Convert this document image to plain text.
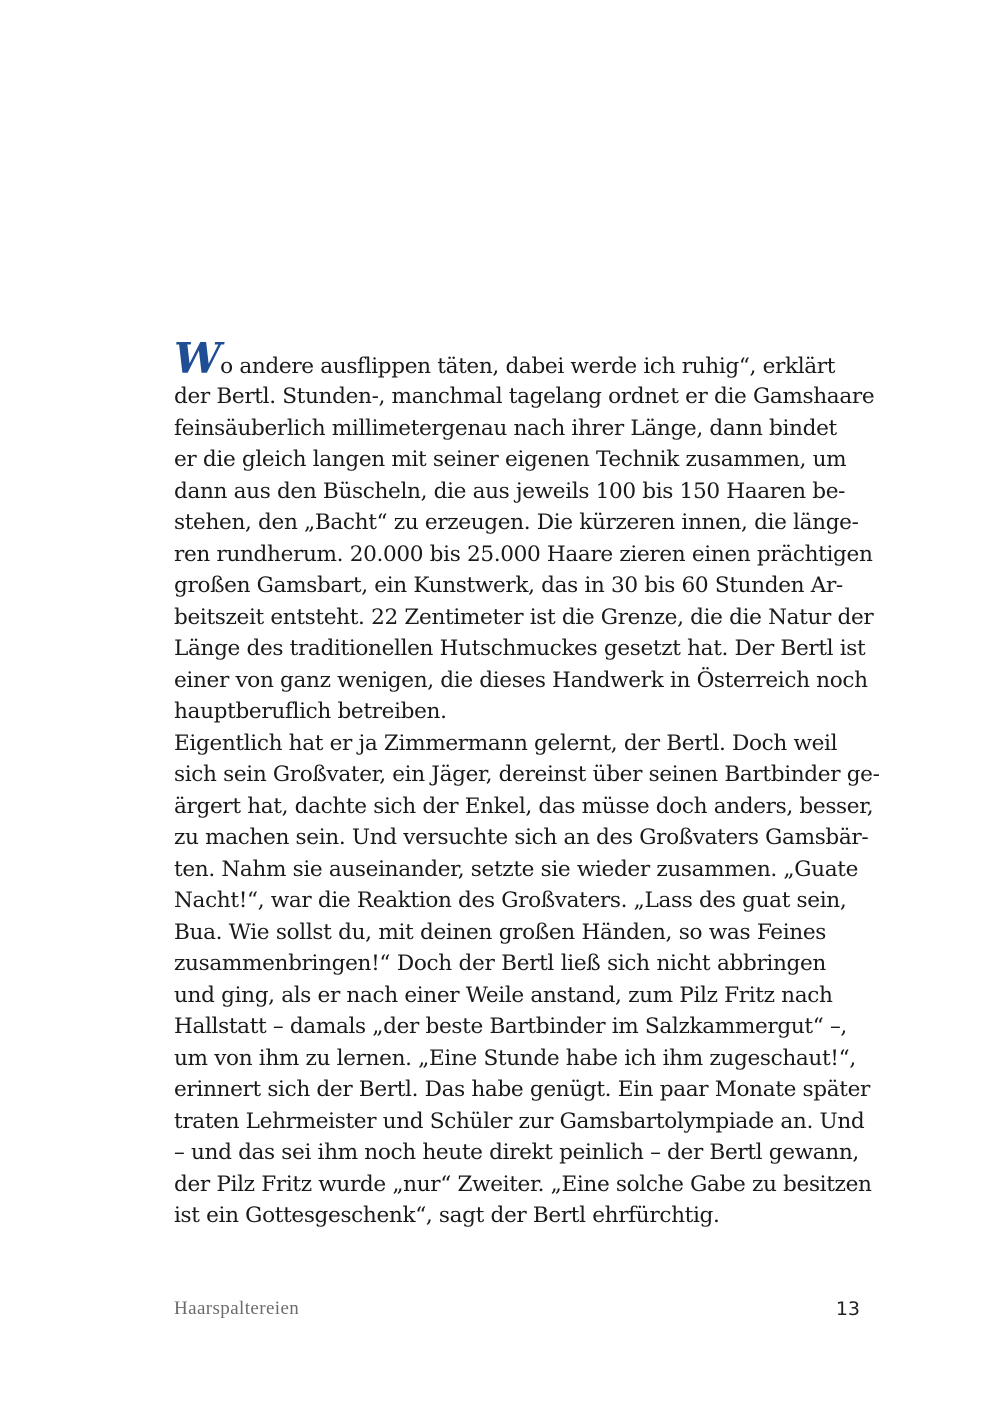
Wo andere ausflippen täten, dabei werde ich ruhig“, erklärt
der Bertl. Stunden-, manchmal tagelang ordnet er die Gamshaare
feinsäuberlich millimetergenau nach ihrer Länge, dann bindet
er die gleich langen mit seiner eigenen Technik zusammen, um
dann aus den Büscheln, die aus jeweils 100 bis 150 Haaren be-
stehen, den „Bacht“ zu erzeugen. Die kürzeren innen, die länge-
ren rundherum. 20.000 bis 25.000 Haare zieren einen prächtigen
großen Gamsbart, ein Kunstwerk, das in 30 bis 60 Stunden Ar-
beitszeit entsteht. 22 Zentimeter ist die Grenze, die die Natur der
Länge des traditionellen Hutschmuckes gesetzt hat. Der Bertl ist
einer von ganz wenigen, die dieses Handwerk in Österreich noch
hauptberuflich betreiben.
Eigentlich hat er ja Zimmermann gelernt, der Bertl. Doch weil
sich sein Großvater, ein Jäger, dereinst über seinen Bartbinder ge-
ärgert hat, dachte sich der Enkel, das müsse doch anders, besser,
zu machen sein. Und versuchte sich an des Großvaters Gamsbär-
ten. Nahm sie auseinander, setzte sie wieder zusammen. „Guate
Nacht!“, war die Reaktion des Großvaters. „Lass des guat sein,
Bua. Wie sollst du, mit deinen großen Händen, so was Feines
zusammenbringen!“ Doch der Bertl ließ sich nicht abbringen
und ging, als er nach einer Weile anstand, zum Pilz Fritz nach
Hallstatt – damals „der beste Bartbinder im Salzkammergut“ –,
um von ihm zu lernen. „Eine Stunde habe ich ihm zugeschaut!“,
erinnert sich der Bertl. Das habe genügt. Ein paar Monate später
traten Lehrmeister und Schüler zur Gamsbartolympiade an. Und
– und das sei ihm noch heute direkt peinlich – der Bertl gewann,
der Pilz Fritz wurde „nur“ Zweiter. „Eine solche Gabe zu besitzen
ist ein Gottesgeschenk“, sagt der Bertl ehrfürchtig.
Haarspaltereien	13
